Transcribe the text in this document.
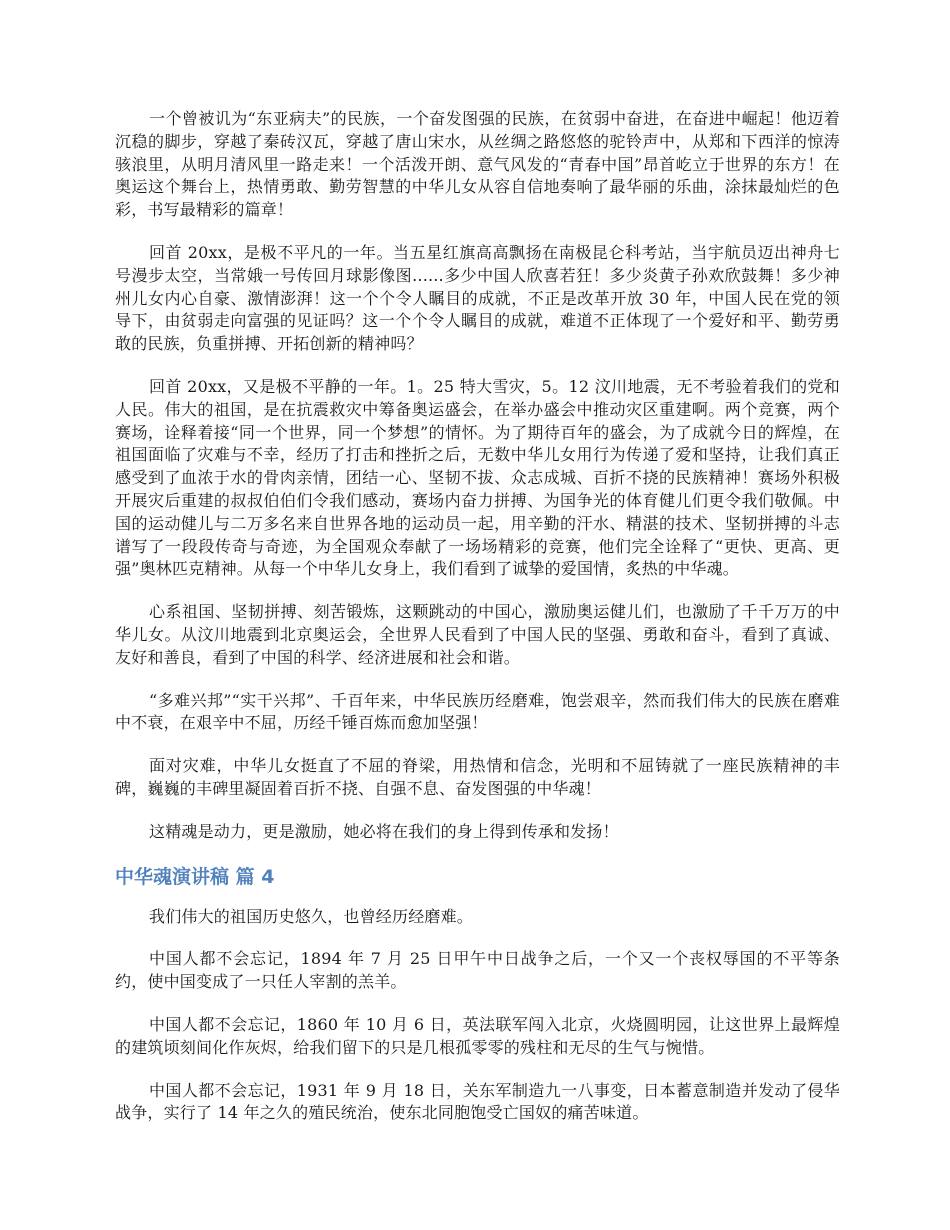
一个曾被讥为“东亚病夫”的民族，一个奋发图强的民族，在贫弱中奋进，在奋进中崛起！他迈着沉稳的脚步，穿越了秦砖汉瓦，穿越了唐山宋水，从丝绸之路悠悠的驼铃声中，从郑和下西洋的惊涛骇浪里，从明月清风里一路走来！一个活泼开朗、意气风发的“青春中国”昂首屹立于世界的东方！在奥运这个舞台上，热情勇敢、勤劳智慧的中华儿女从容自信地奏响了最华丽的乐曲，涂抹最灿烂的色彩，书写最精彩的篇章！

回首 20xx，是极不平凡的一年。当五星红旗高高飘扬在南极昆仑科考站，当宇航员迈出神舟七号漫步太空，当常娥一号传回月球影像图......多少中国人欣喜若狂！多少炎黄子孙欢欣鼓舞！多少神州儿女内心自豪、激情澎湃！这一个个令人瞩目的成就，不正是改革开放 30 年，中国人民在党的领导下，由贫弱走向富强的见证吗？这一个个令人瞩目的成就，难道不正体现了一个爱好和平、勤劳勇敢的民族，负重拼搏、开拓创新的精神吗？

回首 20xx，又是极不平静的一年。1。25 特大雪灾，5。12 汶川地震，无不考验着我们的党和人民。伟大的祖国，是在抗震救灾中筹备奥运盛会，在举办盛会中推动灾区重建啊。两个竞赛，两个赛场，诠释着接“同一个世界，同一个梦想”的情怀。为了期待百年的盛会，为了成就今日的辉煌，在祖国面临了灾难与不幸，经历了打击和挫折之后，无数中华儿女用行为传递了爱和坚持，让我们真正感受到了血浓于水的骨肉亲情，团结一心、坚韧不拔、众志成城、百折不挠的民族精神！赛场外积极开展灾后重建的叔叔伯伯们令我们感动，赛场内奋力拼搏、为国争光的体育健儿们更令我们敬佩。中国的运动健儿与二万多名来自世界各地的运动员一起，用辛勤的汗水、精湛的技术、坚韧拼搏的斗志谱写了一段段传奇与奇迹，为全国观众奉献了一场场精彩的竞赛，他们完全诠释了“更快、更高、更强”奥林匹克精神。从每一个中华儿女身上，我们看到了诚挚的爱国情，炙热的中华魂。

心系祖国、坚韧拼搏、刻苦锻炼，这颗跳动的中国心，激励奥运健儿们，也激励了千千万万的中华儿女。从汶川地震到北京奥运会，全世界人民看到了中国人民的坚强、勇敢和奋斗，看到了真诚、友好和善良，看到了中国的科学、经济进展和社会和谐。

“多难兴邦”“实干兴邦”、千百年来，中华民族历经磨难，饱尝艰辛，然而我们伟大的民族在磨难中不衰，在艰辛中不屈，历经千锤百炼而愈加坚强！

面对灾难，中华儿女挺直了不屈的脊梁，用热情和信念，光明和不屈铸就了一座民族精神的丰碑，巍巍的丰碑里凝固着百折不挠、自强不息、奋发图强的中华魂！

这精魂是动力，更是激励，她必将在我们的身上得到传承和发扬！

中华魂演讲稿 篇 4

我们伟大的祖国历史悠久，也曾经历经磨难。

中国人都不会忘记，1894 年 7 月 25 日甲午中日战争之后，一个又一个丧权辱国的不平等条约，使中国变成了一只任人宰割的羔羊。

中国人都不会忘记，1860 年 10 月 6 日，英法联军闯入北京，火烧圆明园，让这世界上最辉煌的建筑顷刻间化作灰烬，给我们留下的只是几根孤零零的残柱和无尽的生气与惋惜。

中国人都不会忘记，1931 年 9 月 18 日，关东军制造九一八事变，日本蓄意制造并发动了侵华战争，实行了 14 年之久的殖民统治，使东北同胞饱受亡国奴的痛苦味道。
